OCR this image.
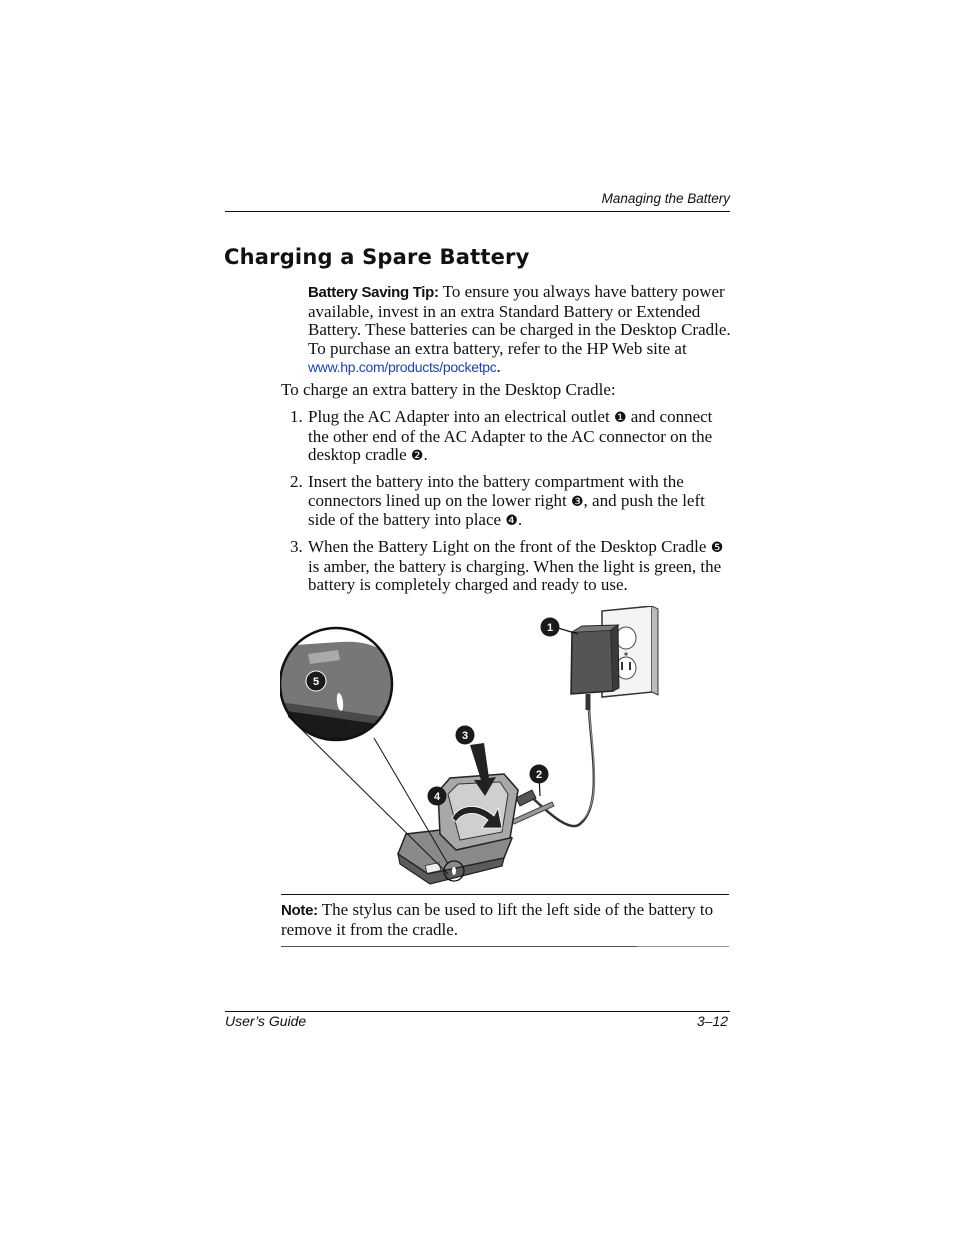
Managing the Battery
Charging a Spare Battery
Battery Saving Tip: To ensure you always have battery power available, invest in an extra Standard Battery or Extended Battery. These batteries can be charged in the Desktop Cradle. To purchase an extra battery, refer to the HP Web site at www.hp.com/products/pocketpc.
To charge an extra battery in the Desktop Cradle:
1. Plug the AC Adapter into an electrical outlet ❶ and connect the other end of the AC Adapter to the AC connector on the desktop cradle ❷.
2. Insert the battery into the battery compartment with the connectors lined up on the lower right ❸, and push the left side of the battery into place ❹.
3. When the Battery Light on the front of the Desktop Cradle ❺ is amber, the battery is charging. When the light is green, the battery is completely charged and ready to use.
1
2
3
4
5
Note: The stylus can be used to lift the left side of the battery to remove it from the cradle.
User’s Guide	3–12
